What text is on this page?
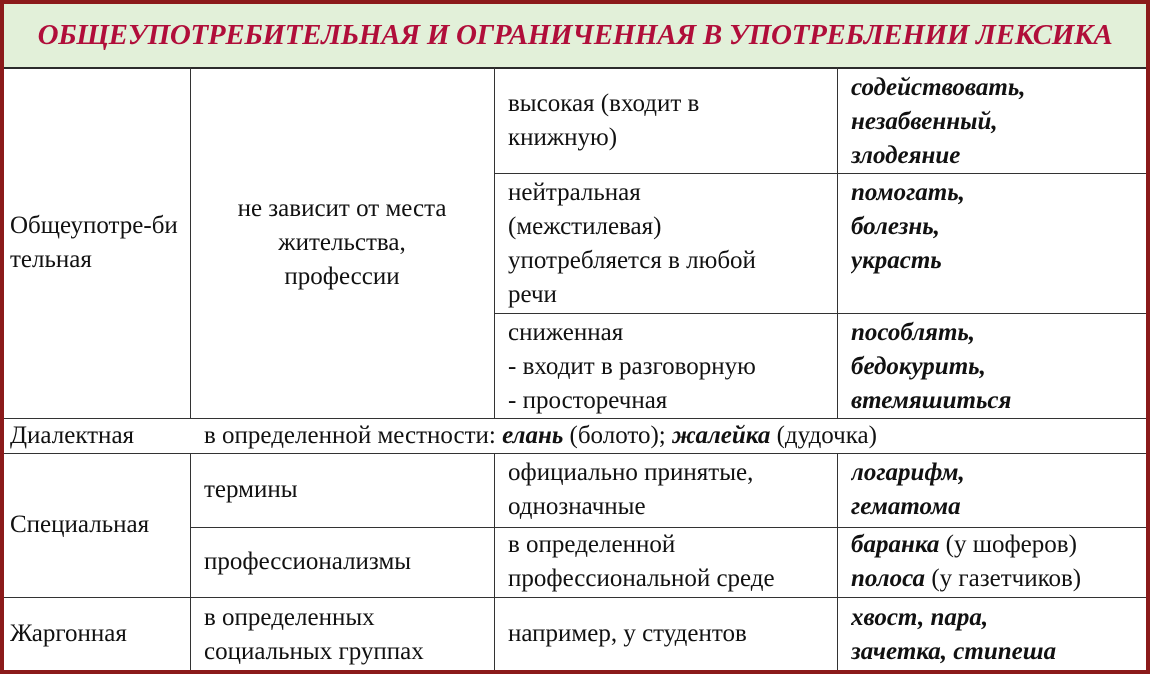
ОБЩЕУПОТРЕБИТЕЛЬНАЯ И ОГРАНИЧЕННАЯ В УПОТРЕБЛЕНИИ ЛЕКСИКА
Общеупотре-бительная
не зависит от места
жительства,
профессии
высокая (входит в
книжную)
содействовать,
незабвенный,
злодеяние
нейтральная
(межстилевая)
употребляется в любой
речи
помогать,
болезнь,
украсть
сниженная
- входит в разговорную
- просторечная
пособлять,
бедокурить,
втемяшиться
Диалектная	в определенной местности: елань (болото); жалейка (дудочка)
Специальная
термины
официально принятые,
однозначные
логарифм,
гематома
профессионализмы
в определенной
профессиональной среде
баранка (у шоферов)
полоса (у газетчиков)
Жаргонная
в определенных
социальных группах
например, у студентов
хвост, пара,
зачетка, стипеша
